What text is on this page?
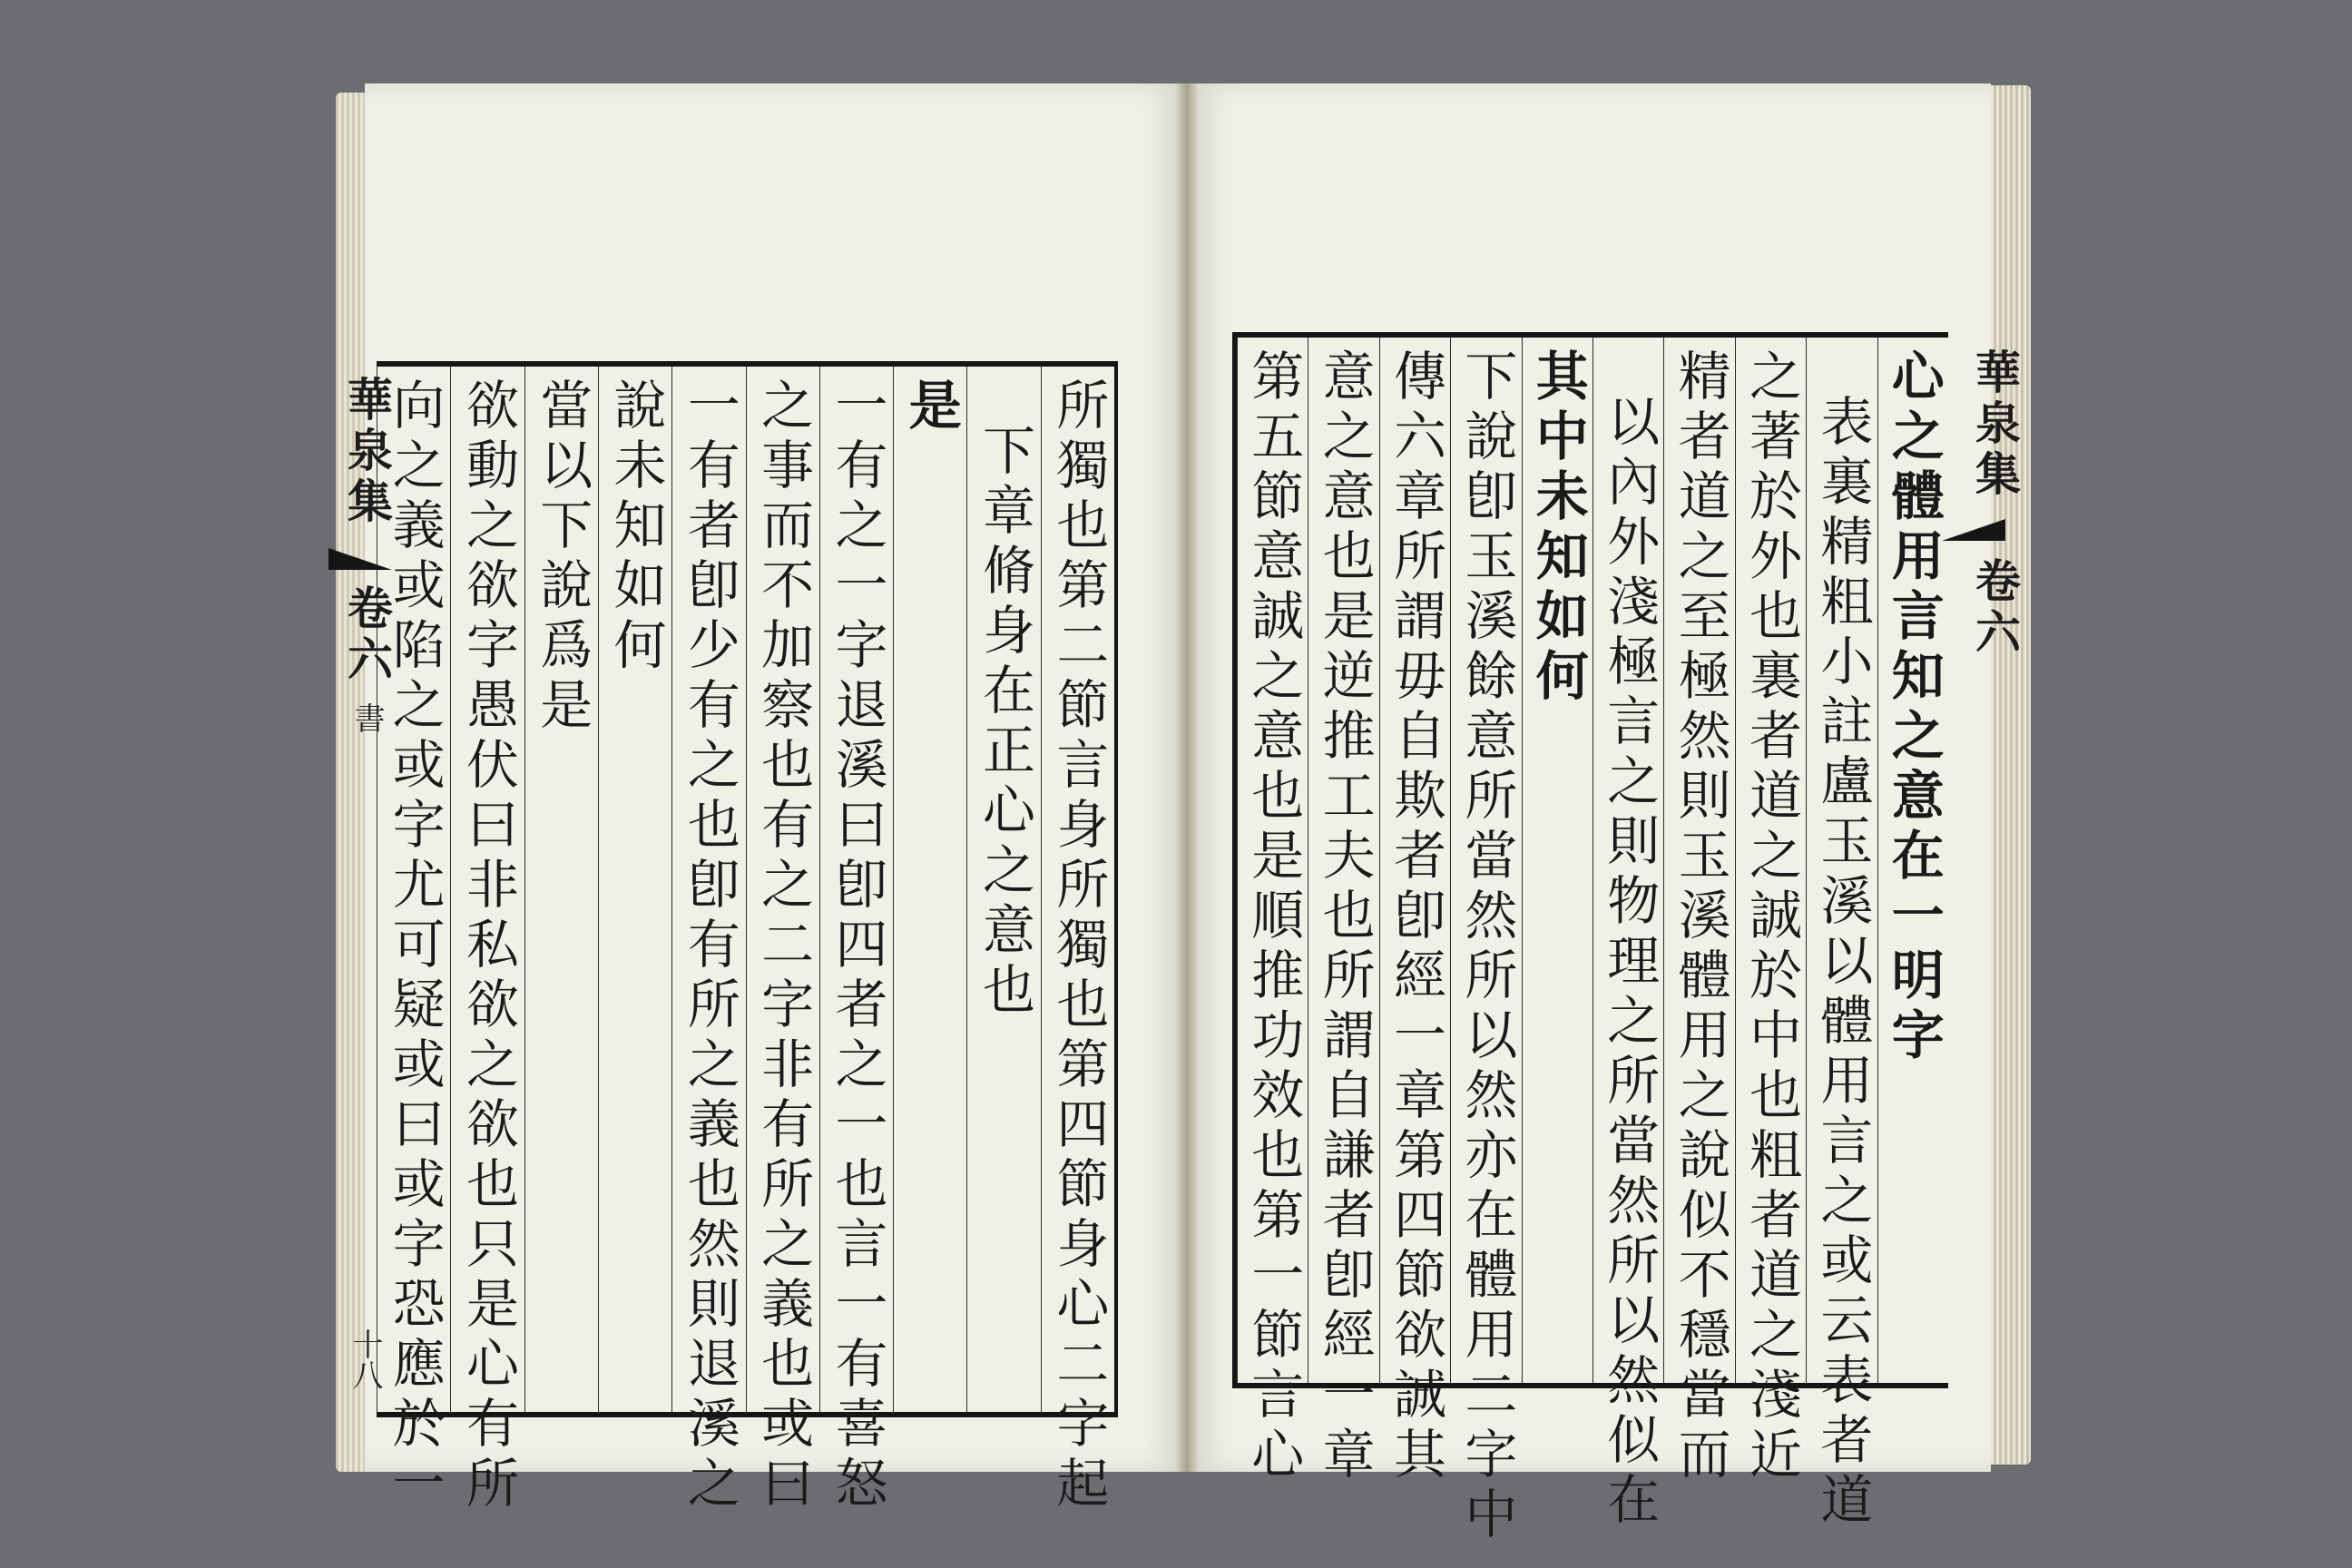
所獨也第二節言身所獨也第四節身心二字起
下章脩身在正心之意也
是
一有之一字退溪曰卽四者之一也言一有喜怒
之事而不加察也有之二字非有所之義也或曰
一有者卽少有之也卽有所之義也然則退溪之
說未知如何
當以下說爲是
欲動之欲字愚伏曰非私欲之欲也只是心有所
向之義或陷之或字尤可疑或曰或字恐應於一
華泉集
卷六
書
十八
心之體用言知之意在一明字
表裏精粗小註盧玉溪以體用言之或云表者道
之著於外也裏者道之誠於中也粗者道之淺近
精者道之至極然則玉溪體用之說似不穩當而
以內外淺極言之則物理之所當然所以然似在
其中未知如何
下說卽玉溪餘意所當然所以然亦在體用二字中
傳六章所謂毋自欺者卽經一章第四節欲誠其
意之意也是逆推工夫也所謂自謙者卽經一章
第五節意誠之意也是順推功效也第一節言心	華泉集
卷六
